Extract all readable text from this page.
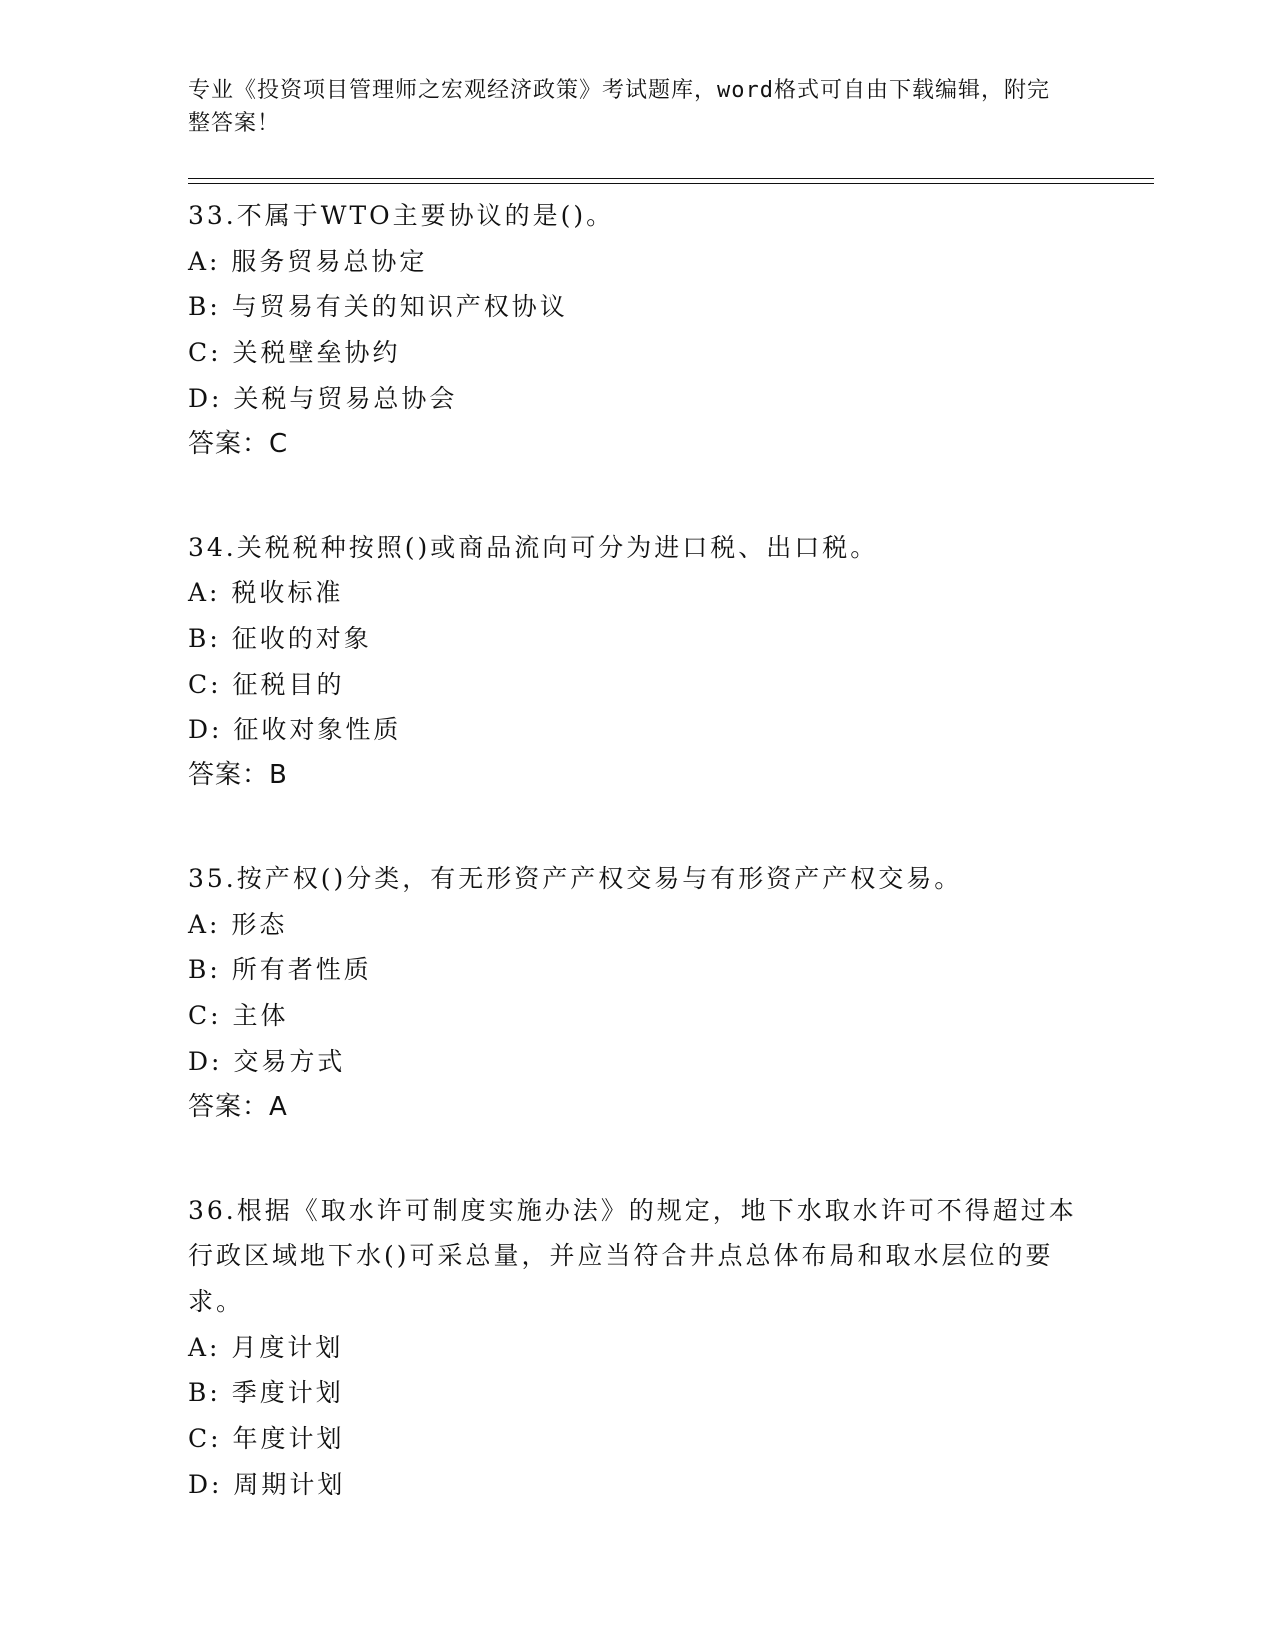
专业《投资项目管理师之宏观经济政策》考试题库，word格式可自由下载编辑，附完整答案！

33.不属于WTO主要协议的是()。

A: 服务贸易总协定

B: 与贸易有关的知识产权协议

C: 关税壁垒协约

D: 关税与贸易总协会

答案：C

34.关税税种按照()或商品流向可分为进口税、出口税。

A: 税收标准

B: 征收的对象

C: 征税目的

D: 征收对象性质

答案：B

35.按产权()分类，有无形资产产权交易与有形资产产权交易。

A: 形态

B: 所有者性质

C: 主体

D: 交易方式

答案：A

36.根据《取水许可制度实施办法》的规定，地下水取水许可不得超过本行政区域地下水()可采总量，并应当符合井点总体布局和取水层位的要求。

A: 月度计划

B: 季度计划

C: 年度计划

D: 周期计划
